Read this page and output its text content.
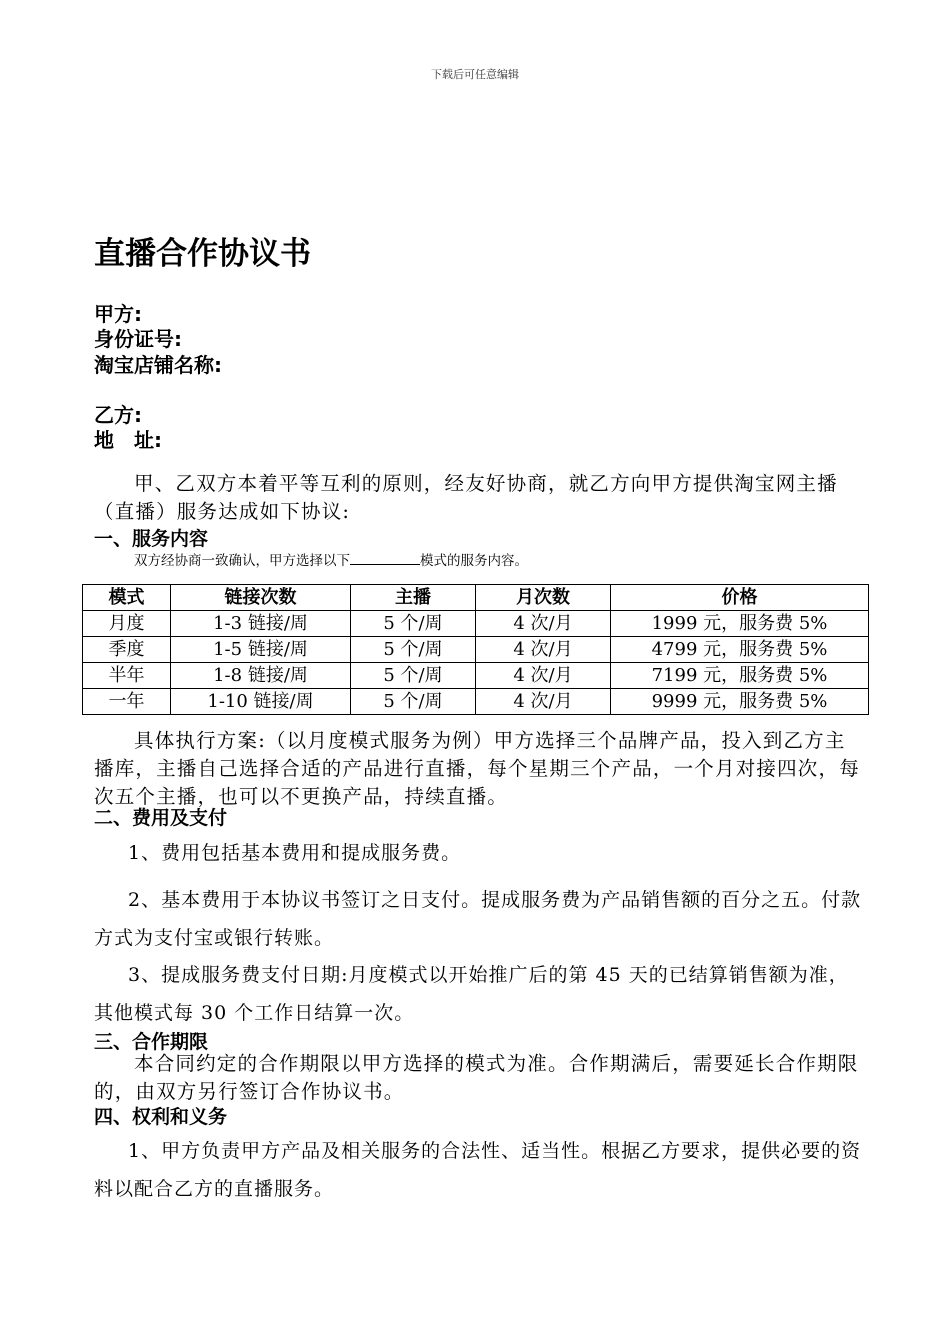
下载后可任意编辑
直播合作协议书
甲方:
身份证号:
淘宝店铺名称:
乙方:
地　址:
甲、乙双方本着平等互利的原则，经友好协商，就乙方向甲方提供淘宝网主播（直播）服务达成如下协议:
一、服务内容
双方经协商一致确认，甲方选择以下	模式的服务内容。
模式	链接次数	主播	月次数	价格
月度	1-3 链接/周	5 个/周	4 次/月	1999 元，服务费 5%
季度	1-5 链接/周	5 个/周	4 次/月	4799 元，服务费 5%
半年	1-8 链接/周	5 个/周	4 次/月	7199 元，服务费 5%
一年	1-10 链接/周	5 个/周	4 次/月	9999 元，服务费 5%
具体执行方案:（以月度模式服务为例）甲方选择三个品牌产品，投入到乙方主播库，主播自己选择合适的产品进行直播，每个星期三个产品，一个月对接四次，每次五个主播，也可以不更换产品，持续直播。
二、费用及支付
1、费用包括基本费用和提成服务费。
2、基本费用于本协议书签订之日支付。提成服务费为产品销售额的百分之五。付款方式为支付宝或银行转账。
3、提成服务费支付日期:月度模式以开始推广后的第 45 天的已结算销售额为准，其他模式每 30 个工作日结算一次。
三、合作期限
本合同约定的合作期限以甲方选择的模式为准。合作期满后，需要延长合作期限的，由双方另行签订合作协议书。
四、权利和义务
1、甲方负责甲方产品及相关服务的合法性、适当性。根据乙方要求，提供必要的资料以配合乙方的直播服务。
